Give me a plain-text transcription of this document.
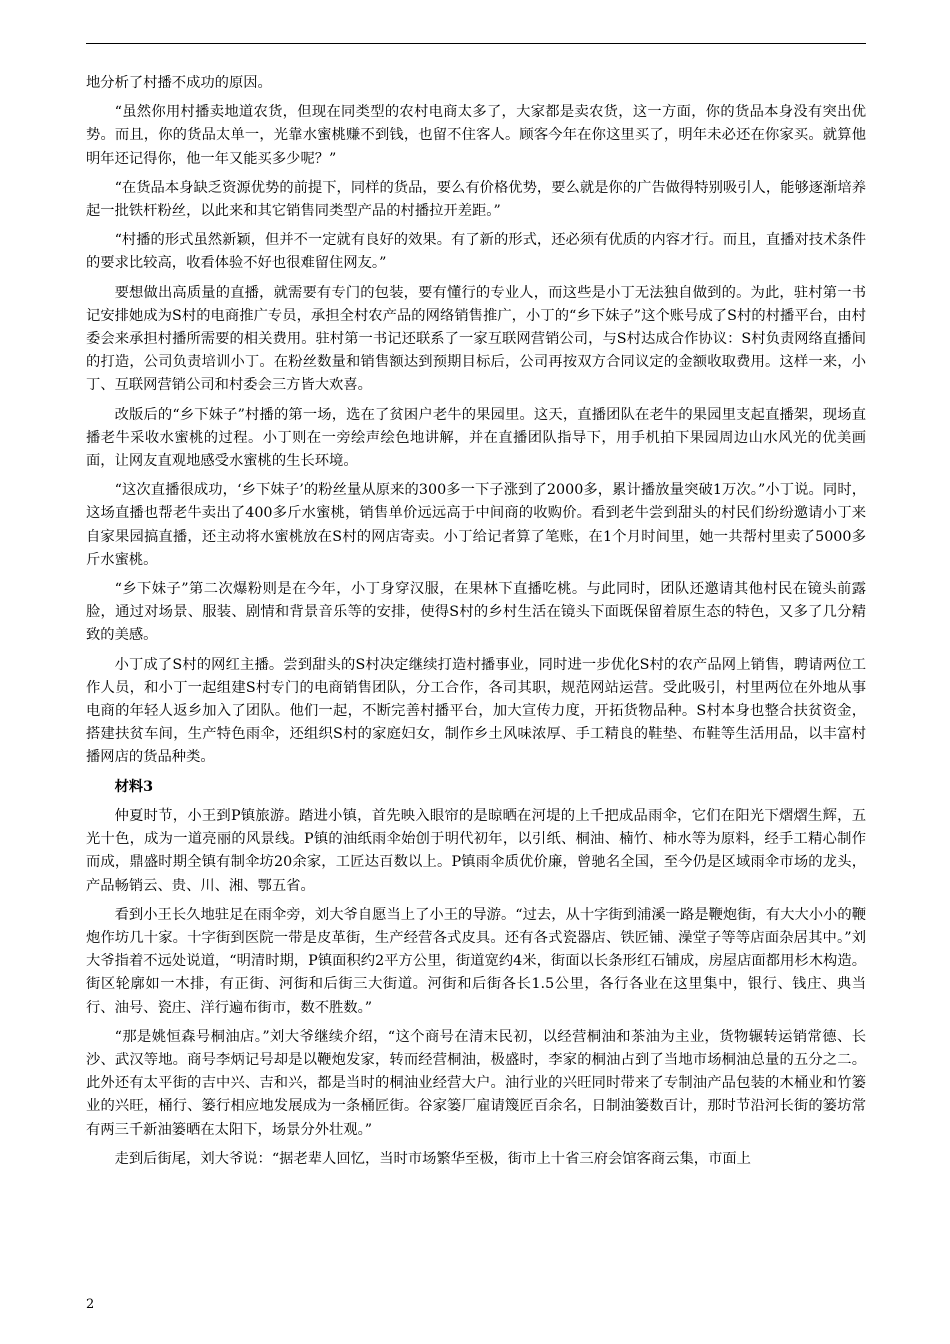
地分析了村播不成功的原因。

“虽然你用村播卖地道农货，但现在同类型的农村电商太多了，大家都是卖农货，这一方面，你的货品本身没有突出优势。而且，你的货品太单一，光靠水蜜桃赚不到钱，也留不住客人。顾客今年在你这里买了，明年未必还在你家买。就算他明年还记得你，他一年又能买多少呢？”

“在货品本身缺乏资源优势的前提下，同样的货品，要么有价格优势，要么就是你的广告做得特别吸引人，能够逐渐培养起一批铁杆粉丝，以此来和其它销售同类型产品的村播拉开差距。”

“村播的形式虽然新颖，但并不一定就有良好的效果。有了新的形式，还必须有优质的内容才行。而且，直播对技术条件的要求比较高，收看体验不好也很难留住网友。”

要想做出高质量的直播，就需要有专门的包装，要有懂行的专业人，而这些是小丁无法独自做到的。为此，驻村第一书记安排她成为S村的电商推广专员，承担全村农产品的网络销售推广，小丁的“乡下妹子”这个账号成了S村的村播平台，由村委会来承担村播所需要的相关费用。驻村第一书记还联系了一家互联网营销公司，与S村达成合作协议：S村负责网络直播间的打造，公司负责培训小丁。在粉丝数量和销售额达到预期目标后，公司再按双方合同议定的金额收取费用。这样一来，小丁、互联网营销公司和村委会三方皆大欢喜。

改版后的“乡下妹子”村播的第一场，选在了贫困户老牛的果园里。这天，直播团队在老牛的果园里支起直播架，现场直播老牛采收水蜜桃的过程。小丁则在一旁绘声绘色地讲解，并在直播团队指导下，用手机拍下果园周边山水风光的优美画面，让网友直观地感受水蜜桃的生长环境。

“这次直播很成功，‘乡下妹子’的粉丝量从原来的300多一下子涨到了2000多，累计播放量突破1万次。”小丁说。同时，这场直播也帮老牛卖出了400多斤水蜜桃，销售单价远远高于中间商的收购价。看到老牛尝到甜头的村民们纷纷邀请小丁来自家果园搞直播，还主动将水蜜桃放在S村的网店寄卖。小丁给记者算了笔账，在1个月时间里，她一共帮村里卖了5000多斤水蜜桃。

“乡下妹子”第二次爆粉则是在今年，小丁身穿汉服，在果林下直播吃桃。与此同时，团队还邀请其他村民在镜头前露脸，通过对场景、服装、剧情和背景音乐等的安排，使得S村的乡村生活在镜头下面既保留着原生态的特色，又多了几分精致的美感。

小丁成了S村的网红主播。尝到甜头的S村决定继续打造村播事业，同时进一步优化S村的农产品网上销售，聘请两位工作人员，和小丁一起组建S村专门的电商销售团队，分工合作，各司其职，规范网站运营。受此吸引，村里两位在外地从事电商的年轻人返乡加入了团队。他们一起，不断完善村播平台，加大宣传力度，开拓货物品种。S村本身也整合扶贫资金，搭建扶贫车间，生产特色雨伞，还组织S村的家庭妇女，制作乡土风味浓厚、手工精良的鞋垫、布鞋等生活用品，以丰富村播网店的货品种类。

材料3

仲夏时节，小王到P镇旅游。踏进小镇，首先映入眼帘的是晾晒在河堤的上千把成品雨伞，它们在阳光下熠熠生辉，五光十色，成为一道亮丽的风景线。P镇的油纸雨伞始创于明代初年，以引纸、桐油、楠竹、柿水等为原料，经手工精心制作而成，鼎盛时期全镇有制伞坊20余家，工匠达百数以上。P镇雨伞质优价廉，曾驰名全国，至今仍是区域雨伞市场的龙头，产品畅销云、贵、川、湘、鄂五省。

看到小王长久地驻足在雨伞旁，刘大爷自愿当上了小王的导游。“过去，从十字街到浦溪一路是鞭炮街，有大大小小的鞭炮作坊几十家。十字街到医院一带是皮革街，生产经营各式皮具。还有各式瓷器店、铁匠铺、澡堂子等等店面杂居其中。”刘大爷指着不远处说道，“明清时期，P镇面积约2平方公里，街道宽约4米，街面以长条形红石铺成，房屋店面都用杉木构造。街区轮廓如一木排，有正街、河街和后街三大街道。河街和后街各长1.5公里，各行各业在这里集中，银行、钱庄、典当行、油号、瓷庄、洋行遍布街市，数不胜数。”

“那是姚恒森号桐油店。”刘大爷继续介绍，“这个商号在清末民初，以经营桐油和茶油为主业，货物辗转运销常德、长沙、武汉等地。商号李炳记号却是以鞭炮发家，转而经营桐油，极盛时，李家的桐油占到了当地市场桐油总量的五分之二。此外还有太平街的吉中兴、吉和兴，都是当时的桐油业经营大户。油行业的兴旺同时带来了专制油产品包装的木桶业和竹篓业的兴旺，桶行、篓行相应地发展成为一条桶匠街。谷家篓厂雇请篾匠百余名，日制油篓数百计，那时节沿河长街的篓坊常有两三千新油篓晒在太阳下，场景分外壮观。”

走到后街尾，刘大爷说：“据老辈人回忆，当时市场繁华至极，街市上十省三府会馆客商云集，市面上

2
